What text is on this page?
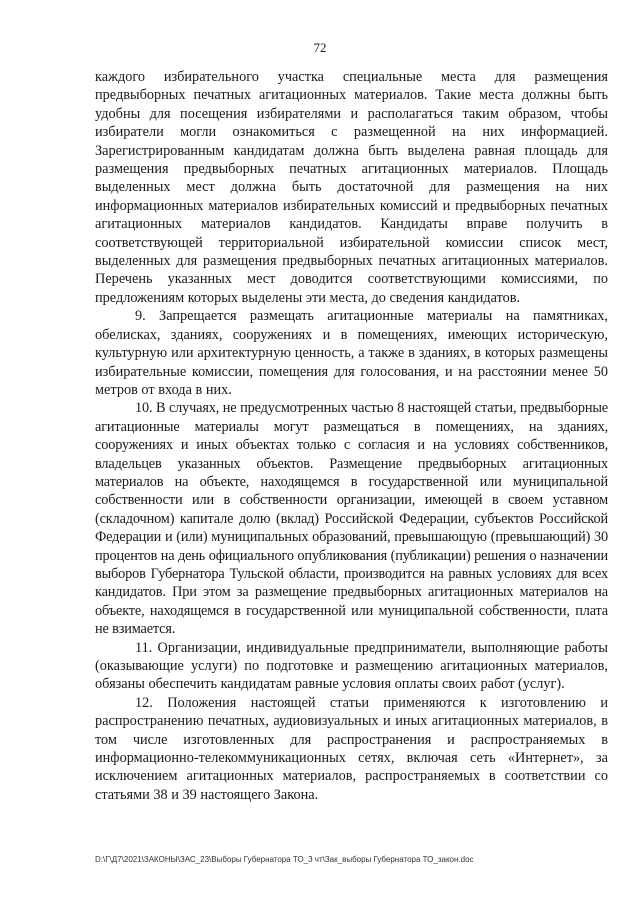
72

каждого избирательного участка специальные места для размещения предвыборных печатных агитационных материалов. Такие места должны быть удобны для посещения избирателями и располагаться таким образом, чтобы избиратели могли ознакомиться с размещенной на них информацией. Зарегистрированным кандидатам должна быть выделена равная площадь для размещения предвыборных печатных агитационных материалов. Площадь выделенных мест должна быть достаточной для размещения на них информационных материалов избирательных комиссий и предвыборных печатных агитационных материалов кандидатов. Кандидаты вправе получить в соответствующей территориальной избирательной комиссии список мест, выделенных для размещения предвыборных печатных агитационных материалов. Перечень указанных мест доводится соответствующими комиссиями, по предложениям которых выделены эти места, до сведения кандидатов.

9. Запрещается размещать агитационные материалы на памятниках, обелисках, зданиях, сооружениях и в помещениях, имеющих историческую, культурную или архитектурную ценность, а также в зданиях, в которых размещены избирательные комиссии, помещения для голосования, и на расстоянии менее 50 метров от входа в них.

10. В случаях, не предусмотренных частью 8 настоящей статьи, предвыборные агитационные материалы могут размещаться в помещениях, на зданиях, сооружениях и иных объектах только с согласия и на условиях собственников, владельцев указанных объектов. Размещение предвыборных агитационных материалов на объекте, находящемся в государственной или муниципальной собственности или в собственности организации, имеющей в своем уставном (складочном) капитале долю (вклад) Российской Федерации, субъектов Российской Федерации и (или) муниципальных образований, превышающую (превышающий) 30 процентов на день официального опубликования (публикации) решения о назначении выборов Губернатора Тульской области, производится на равных условиях для всех кандидатов. При этом за размещение предвыборных агитационных материалов на объекте, находящемся в государственной или муниципальной собственности, плата не взимается.

11. Организации, индивидуальные предприниматели, выполняющие работы (оказывающие услуги) по подготовке и размещению агитационных материалов, обязаны обеспечить кандидатам равные условия оплаты своих работ (услуг).

12. Положения настоящей статьи применяются к изготовлению и распространению печатных, аудиовизуальных и иных агитационных материалов, в том числе изготовленных для распространения и распространяемых в информационно-телекоммуникационных сетях, включая сеть «Интернет», за исключением агитационных материалов, распространяемых в соответствии со статьями 38 и 39 настоящего Закона.

D:\Г\Д7\2021\ЗАКОНЫ\ЗАС_23\Выборы Губернатора ТО_3 чт\Зак_выборы Губернатора ТО_закон.doc
